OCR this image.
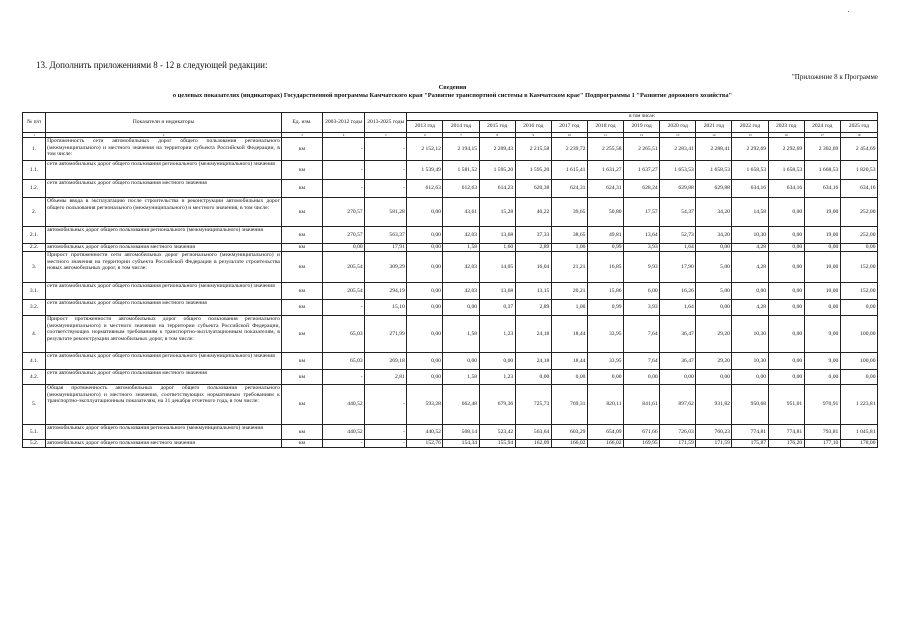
13. Дополнить приложениями 8 - 12 в следующей редакции:
"Приложение 8 к Программе
Сведения
о целевых показателях (индикаторах) Государственной программы Камчатского края "Развитие транспортной системы в Камчатском крае" Подпрограммы 1 "Развитие дорожного хозяйства"
№ п/п	Показатели и индикаторы	Ед. изм.	2003-2012 годы	2013-2025 годы	в том числе:												
					2013 год	2014 год	2015 год	2016 год	2017 год	2018 год	2019 год	2020 год	2021 год	2022 год	2023 год	2024 год	2025 год
1	2	3	4	5	6	7	8	9	10	11	12	13	14	15	16	17	18
1.	Протяженность сети автомобильных дорог общего пользования регионального (межмуниципального) и местного значения на территории субъекта Российской Федерации, в том числе:	км	-	-	2 152,12	2 194,15	2 209,43	2 215,58	2 239,72	2 255,58	2 265,51	2 283,41	2 288,41	2 292,69	2 292,69	2 302,69	2 454,69
1.1.	сети автомобильных дорог общего пользования регионального (межмуниципального) значения	км	-	-	1 539,49	1 581,52	1 595,20	1 595,20	1 615,41	1 631,27	1 637,27	1 653,53	1 658,53	1 658,53	1 658,53	1 668,53	1 820,53
1.2.	сети автомобильных дорог общего пользования местного значения	км	-	-	612,63	612,63	614,23	620,38	624,31	624,31	628,24	629,88	629,88	634,16	634,16	634,16	634,16
2.	Объемы ввода в эксплуатацию после строительства и реконструкции автомобильных дорог общего пользования регионального (межмуниципального) и местного значения, в том числе:	км	270,57	581,28	0,00	43,61	15,28	40,22	39,65	50,80	17,57	54,37	34,20	14,58	0,00	19,00	252,00
2.1.	автомобильных дорог общего пользования регионального (межмуниципального) значения	км	270,57	563,37	0,00	42,03	13,68	37,33	38,65	49,81	13,64	52,73	34,20	10,30	0,00	19,00	252,00
2.2.	автомобильных дорог общего пользования местного значения	км	0,00	17,91	0,00	1,58	1,60	2,89	1,00	0,99	3,93	1,64	0,00	4,28	0,00	0,00	0,00
3.	Прирост протяженности сети автомобильных дорог регионального (межмуниципального) и местного значения на территории субъекта Российской Федерации в результате строительства новых автомобильных дорог, в том числе:	км	205,54	309,29	0,00	42,03	14,05	16,04	21,21	16,85	9,93	17,90	5,00	4,28	0,00	10,00	152,00
3.1.	сети автомобильных дорог общего пользования регионального (межмуниципального) значения	км	205,54	294,19	0,00	42,03	13,68	13,15	20,21	15,86	6,00	16,26	5,00	0,00	0,00	10,00	152,00
3.2.	сети автомобильных дорог общего пользования местного значения	км	-	15,10	0,00	0,00	0,37	2,89	1,00	0,99	3,93	1,64	0,00	4,28	0,00	0,00	0,00
4.	Прирост протяженности автомобильных дорог общего пользования регионального (межмуниципального) и местного значения на территории субъекта Российской Федерации, соответствующих нормативным требованиям к транспортно-эксплуатационным показателям, в результате реконструкции автомобильных дорог, в том числе:	км	65,03	271,99	0,00	1,58	1,23	24,18	18,44	33,95	7,64	36,47	29,20	10,30	0,00	9,00	100,00
4.1.	сети автомобильных дорог общего пользования регионального (межмуниципального) значения	км	65,03	269,18	0,00	0,00	0,00	24,18	18,44	33,95	7,64	36,47	29,20	10,30	0,00	9,00	100,00
4.2.	сети автомобильных дорог общего пользования местного значения	км	-	2,81	0,00	1,58	1,23	0,00	0,00	0,00	0,00	0,00	0,00	0,00	0,00	0,00	0,00
5.	Общая протяженность автомобильных дорог общего пользования регионального (межмуниципального) и местного значения, соответствующих нормативным требованиям к транспортно-эксплуатационным показателям, на 31 декабря отчетного года, в том числе:	км	440,52	-	593,28	662,48	679,36	725,73	769,31	820,11	841,61	897,62	931,82	950,68	951,01	970,91	1 223,81
5.1.	автомобильных дорог общего пользования регионального (межмуниципального) значения	км	440,52	-	440,52	508,14	523,42	563,64	603,29	654,09	671,66	726,03	760,23	774,81	774,81	793,81	1 045,81
5.2.	автомобильных дорог общего пользования местного значения	км	-	-	152,76	154,34	155,94	162,09	166,02	166,02	169,95	171,59	171,59	175,87	176,20	177,10	178,00
